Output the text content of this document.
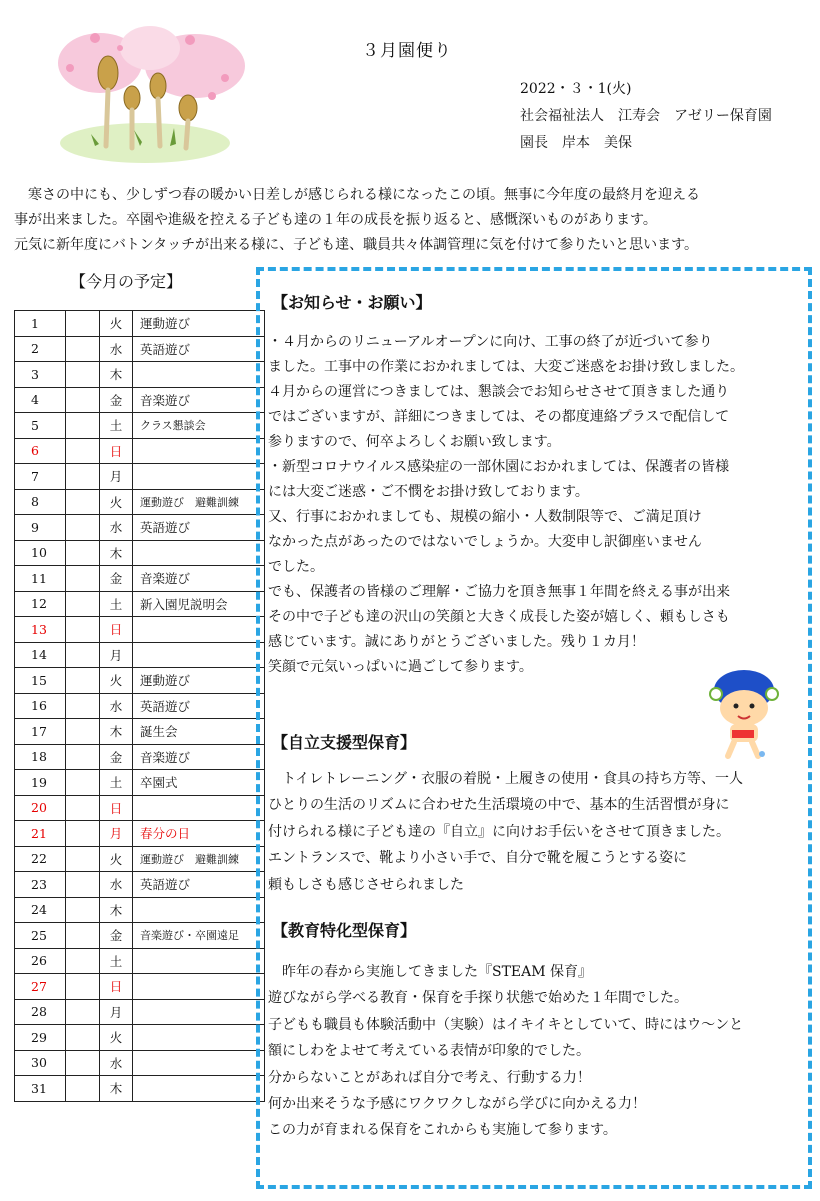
３月園便り
2022・３・1(火)
社会福祉法人　江寿会　アゼリー保育園
園長　岸本　美保

　寒さの中にも、少しずつ春の暖かい日差しが感じられる様になったこの頃。無事に今年度の最終月を迎える

事が出来ました。卒園や進級を控える子ども達の１年の成長を振り返ると、感慨深いものがあります。

元気に新年度にバトンタッチが出来る様に、子ども達、職員共々体調管理に気を付けて参りたいと思います。

【今月の予定】
1		火	運動遊び
2		水	英語遊び
3		木	
4		金	音楽遊び
5		土	クラス懇談会
6		日	
7		月	
8		火	運動遊び　避難訓練
9		水	英語遊び
10		木	
11		金	音楽遊び
12		土	新入園児説明会
13		日	
14		月	
15		火	運動遊び
16		水	英語遊び
17		木	誕生会
18		金	音楽遊び
19		土	卒園式
20		日	
21		月	春分の日
22		火	運動遊び　避難訓練
23		水	英語遊び
24		木	
25		金	音楽遊び・卒園遠足
26		土	
27		日	
28		月	
29		火	
30		水	
31		木	
【お知らせ・お願い】
・４月からのリニューアルオープンに向け、工事の終了が近づいて参り
ました。工事中の作業におかれましては、大変ご迷惑をお掛け致しました。
４月からの運営につきましては、懇談会でお知らせさせて頂きました通り
ではございますが、詳細につきましては、その都度連絡プラスで配信して
参りますので、何卒よろしくお願い致します。
・新型コロナウイルス感染症の一部休園におかれましては、保護者の皆様
には大変ご迷惑・ご不憫をお掛け致しております。
又、行事におかれましても、規模の縮小・人数制限等で、ご満足頂け
なかった点があったのではないでしょうか。大変申し訳御座いません
でした。
でも、保護者の皆様のご理解・ご協力を頂き無事１年間を終える事が出来
その中で子ども達の沢山の笑顔と大きく成長した姿が嬉しく、頼もしさも
感じています。誠にありがとうございました。残り１カ月！
笑顔で元気いっぱいに過ごして参ります。
【自立支援型保育】
　トイレトレーニング・衣服の着脱・上履きの使用・食具の持ち方等、一人
ひとりの生活のリズムに合わせた生活環境の中で、基本的生活習慣が身に
付けられる様に子ども達の『自立』に向けお手伝いをさせて頂きました。
エントランスで、靴より小さい手で、自分で靴を履こうとする姿に
頼もしさも感じさせられました
【教育特化型保育】
　昨年の春から実施してきました『STEAM 保育』
遊びながら学べる教育・保育を手探り状態で始めた１年間でした。
子どもも職員も体験活動中（実験）はイキイキとしていて、時にはウ～ンと
額にしわをよせて考えている表情が印象的でした。
分からないことがあれば自分で考え、行動する力！
何か出来そうな予感にワクワクしながら学びに向かえる力！
この力が育まれる保育をこれからも実施して参ります。
